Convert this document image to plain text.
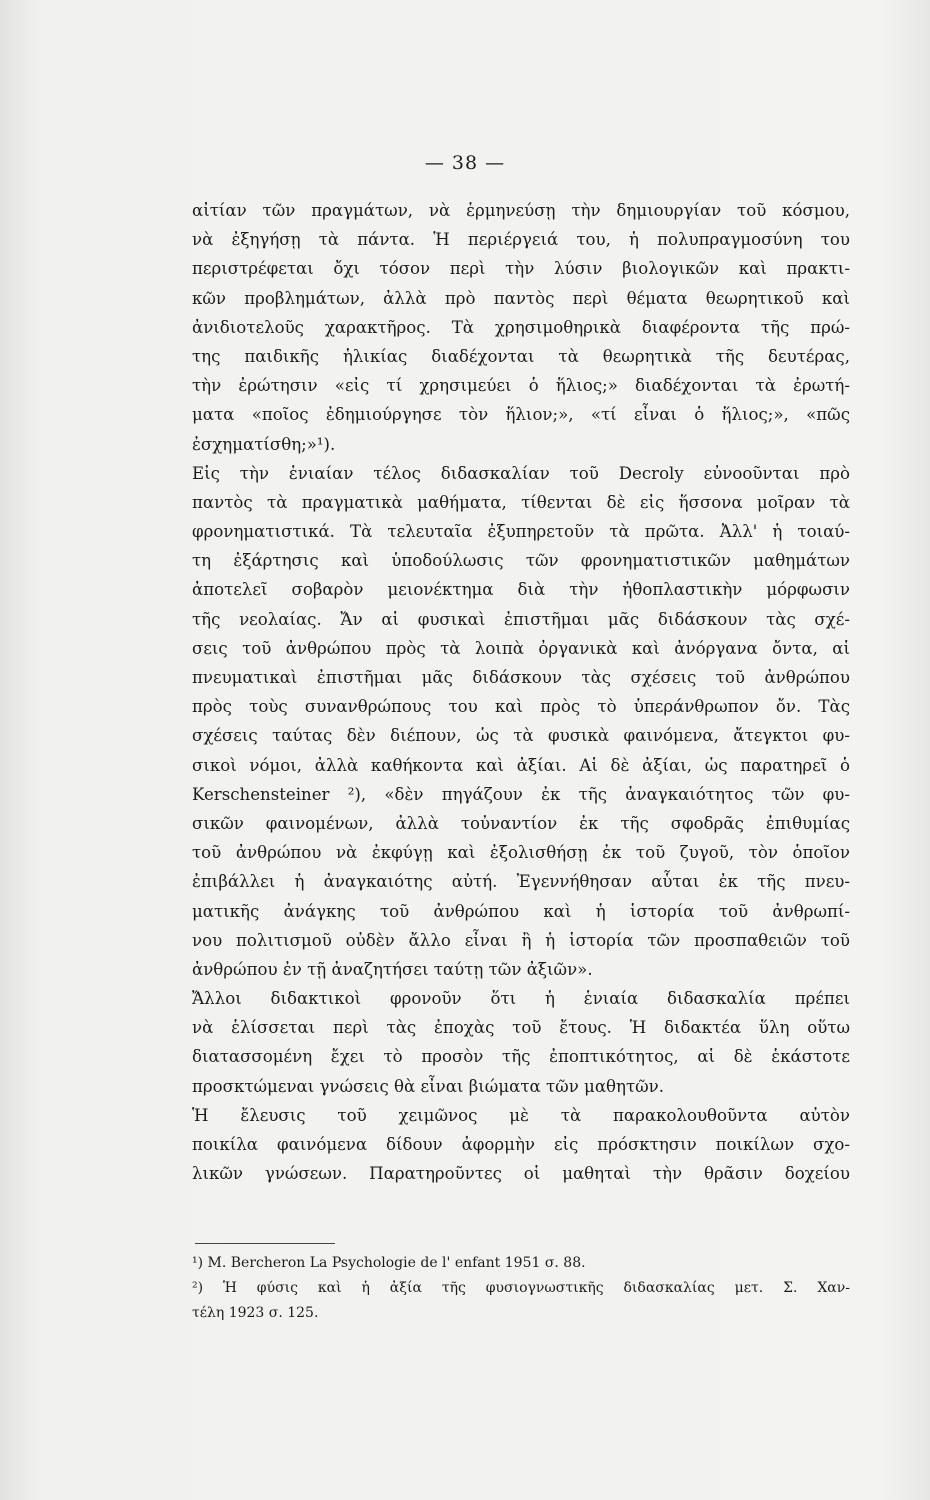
— 38 —
αἰτίαν τῶν πραγμάτων, νὰ ἑρμηνεύσῃ τὴν δημιουργίαν τοῦ κόσμου,
νὰ ἐξηγήσῃ τὰ πάντα. Ἡ περιέργειά του, ἡ πολυπραγμοσύνη του
περιστρέφεται ὄχι τόσον περὶ τὴν λύσιν βιολογικῶν καὶ πρακτι-
κῶν προβλημάτων, ἀλλὰ πρὸ παντὸς περὶ θέματα θεωρητικοῦ καὶ
ἀνιδιοτελοῦς χαρακτῆρος. Τὰ χρησιμοθηρικὰ διαφέροντα τῆς πρώ-
της παιδικῆς ἡλικίας διαδέχονται τὰ θεωρητικὰ τῆς δευτέρας,
τὴν ἐρώτησιν «εἰς τί χρησιμεύει ὁ ἥλιος;» διαδέχονται τὰ ἐρωτή-
ματα «ποῖος ἐδημιούργησε τὸν ἥλιον;», «τί εἶναι ὁ ἥλιος;», «πῶς
ἐσχηματίσθη;»¹).
Εἰς τὴν ἑνιαίαν τέλος διδασκαλίαν τοῦ Decroly εὐνοοῦνται πρὸ
παντὸς τὰ πραγματικὰ μαθήματα, τίθενται δὲ εἰς ἥσσονα μοῖραν τὰ
φρονηματιστικά. Τὰ τελευταῖα ἐξυπηρετοῦν τὰ πρῶτα. Ἀλλ' ἡ τοιαύ-
τη ἐξάρτησις καὶ ὑποδούλωσις τῶν φρονηματιστικῶν μαθημάτων
ἀποτελεῖ σοβαρὸν μειονέκτημα διὰ τὴν ἠθοπλαστικὴν μόρφωσιν
τῆς νεολαίας. Ἄν αἱ φυσικαὶ ἐπιστῆμαι μᾶς διδάσκουν τὰς σχέ-
σεις τοῦ ἀνθρώπου πρὸς τὰ λοιπὰ ὀργανικὰ καὶ ἀνόργανα ὄντα, αἱ
πνευματικαὶ ἐπιστῆμαι μᾶς διδάσκουν τὰς σχέσεις τοῦ ἀνθρώπου
πρὸς τοὺς συνανθρώπους του καὶ πρὸς τὸ ὑπεράνθρωπον ὄν. Τὰς
σχέσεις ταύτας δὲν διέπουν, ὡς τὰ φυσικὰ φαινόμενα, ἄτεγκτοι φυ-
σικοὶ νόμοι, ἀλλὰ καθήκοντα καὶ ἀξίαι. Αἱ δὲ ἀξίαι, ὡς παρατηρεῖ ὁ
Kerschensteiner ²), «δὲν πηγάζουν ἐκ τῆς ἀναγκαιότητος τῶν φυ-
σικῶν φαινομένων, ἀλλὰ τοὐναντίον ἐκ τῆς σφοδρᾶς ἐπιθυμίας
τοῦ ἀνθρώπου νὰ ἐκφύγῃ καὶ ἐξολισθήσῃ ἐκ τοῦ ζυγοῦ, τὸν ὁποῖον
ἐπιβάλλει ἡ ἀναγκαιότης αὐτή. Ἐγεννήθησαν αὗται ἐκ τῆς πνευ-
ματικῆς ἀνάγκης τοῦ ἀνθρώπου καὶ ἡ ἱστορία τοῦ ἀνθρωπί-
νου πολιτισμοῦ οὐδὲν ἄλλο εἶναι ἢ ἡ ἱστορία τῶν προσπαθειῶν τοῦ
ἀνθρώπου ἐν τῇ ἀναζητήσει ταύτῃ τῶν ἀξιῶν».
Ἄλλοι διδακτικοὶ φρονοῦν ὅτι ἡ ἑνιαία διδασκαλία πρέπει
νὰ ἑλίσσεται περὶ τὰς ἐποχὰς τοῦ ἔτους. Ἡ διδακτέα ὕλη οὕτω
διατασσομένη ἔχει τὸ προσὸν τῆς ἐποπτικότητος, αἱ δὲ ἑκάστοτε
προσκτώμεναι γνώσεις θὰ εἶναι βιώματα τῶν μαθητῶν.
Ἡ ἔλευσις τοῦ χειμῶνος μὲ τὰ παρακολουθοῦντα αὐτὸν
ποικίλα φαινόμενα δίδουν ἀφορμὴν εἰς πρόσκτησιν ποικίλων σχο-
λικῶν γνώσεων. Παρατηροῦντες οἱ μαθηταὶ τὴν θρᾶσιν δοχείου
¹) M. Bercheron La Psychologie de l' enfant 1951 σ. 88.
²) Ἡ φύσις καὶ ἡ ἀξία τῆς φυσιογνωστικῆς διδασκαλίας μετ. Σ. Χαν-
τέλη 1923 σ. 125.
